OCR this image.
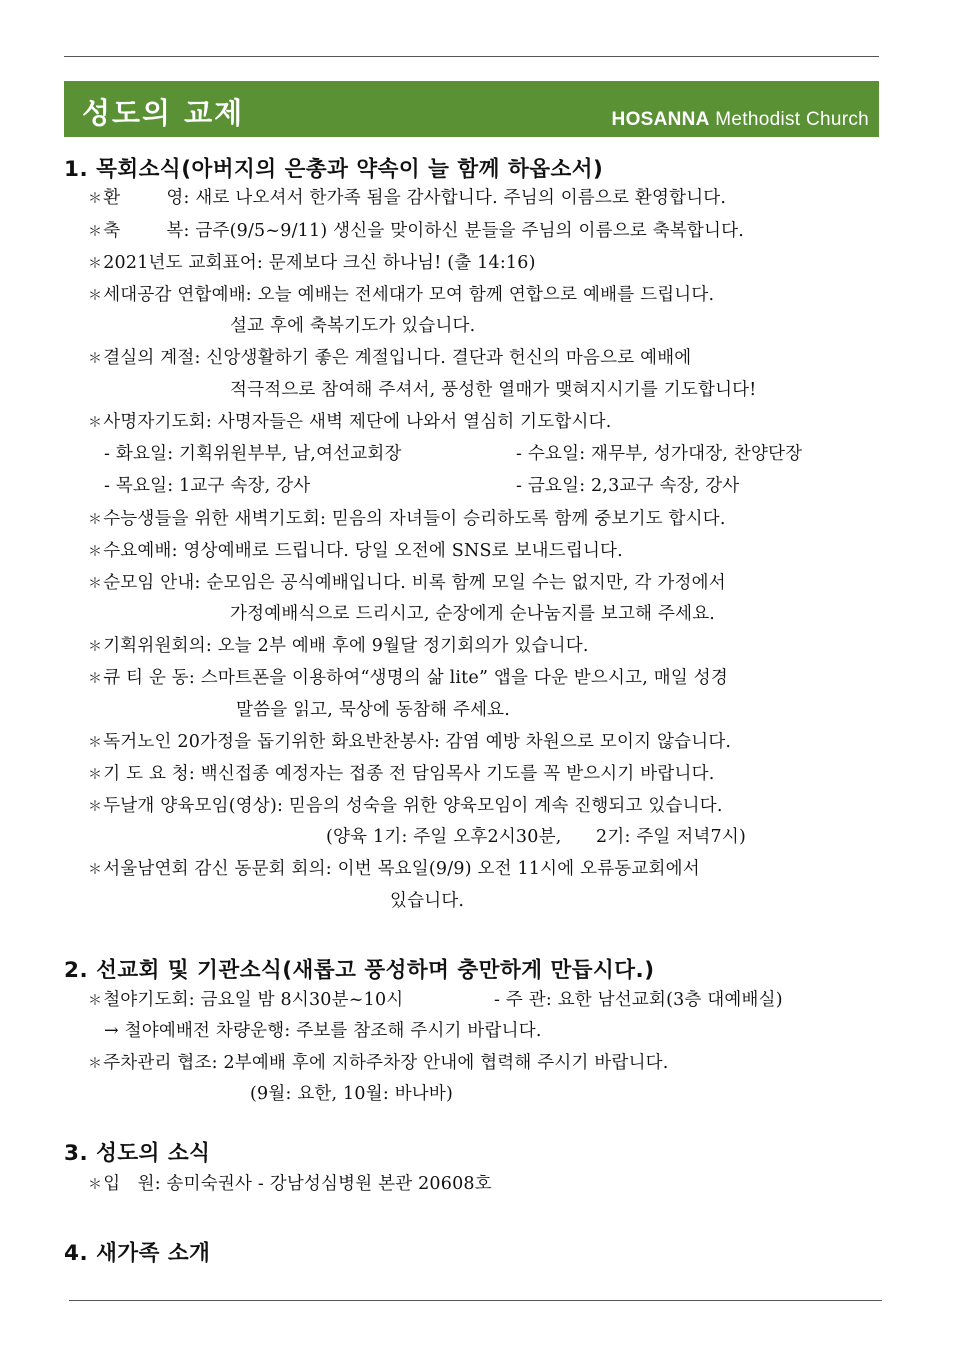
성도의 교제	HOSANNA Methodist Church
1. 목회소식(아버지의 은총과 약속이 늘 함께 하옵소서)
＊환        영: 새로 나오셔서 한가족 됨을 감사합니다. 주님의 이름으로 환영합니다.
＊축        복: 금주(9/5~9/11) 생신을 맞이하신 분들을 주님의 이름으로 축복합니다.
＊2021년도 교회표어: 문제보다 크신 하나님! (출 14:16)
＊세대공감 연합예배: 오늘 예배는 전세대가 모여 함께 연합으로 예배를 드립니다.
설교 후에 축복기도가 있습니다.
＊결실의 계절: 신앙생활하기 좋은 계절입니다. 결단과 헌신의 마음으로 예배에
적극적으로 참여해 주셔서, 풍성한 열매가 맺혀지시기를 기도합니다!
＊사명자기도회: 사명자들은 새벽 제단에 나와서 열심히 기도합시다.
- 화요일: 기획위원부부, 남,여선교회장	- 수요일: 재무부, 성가대장, 찬양단장
- 목요일: 1교구 속장, 강사	- 금요일: 2,3교구 속장, 강사
＊수능생들을 위한 새벽기도회: 믿음의 자녀들이 승리하도록 함께 중보기도 합시다.
＊수요예배: 영상예배로 드립니다. 당일 오전에 SNS로 보내드립니다.
＊순모임 안내: 순모임은 공식예배입니다. 비록 함께 모일 수는 없지만, 각 가정에서
가정예배식으로 드리시고, 순장에게 순나눔지를 보고해 주세요.
＊기획위원회의: 오늘 2부 예배 후에 9월달 정기회의가 있습니다.
＊큐 티 운 동: 스마트폰을 이용하여“생명의 삶 lite” 앱을 다운 받으시고, 매일 성경
말씀을 읽고, 묵상에 동참해 주세요.
＊독거노인 20가정을 돕기위한 화요반찬봉사: 감염 예방 차원으로 모이지 않습니다.
＊기 도 요 청: 백신접종 예정자는 접종 전 담임목사 기도를 꼭 받으시기 바랍니다.
＊두날개 양육모임(영상): 믿음의 성숙을 위한 양육모임이 계속 진행되고 있습니다.
(양육 1기: 주일 오후2시30분,      2기: 주일 저녁7시)
＊서울남연회 감신 동문회 회의: 이번 목요일(9/9) 오전 11시에 오류동교회에서
있습니다.
2. 선교회 및 기관소식(새롭고 풍성하며 충만하게 만듭시다.)
＊철야기도회: 금요일 밤 8시30분~10시	- 주 관: 요한 남선교회(3층 대예배실)
→ 철야예배전 차량운행: 주보를 참조해 주시기 바랍니다.
＊주차관리 협조: 2부예배 후에 지하주차장 안내에 협력해 주시기 바랍니다.
(9월: 요한, 10월: 바나바)
3. 성도의 소식
＊입   원: 송미숙권사 - 강남성심병원 본관 20608호
4. 새가족 소개
